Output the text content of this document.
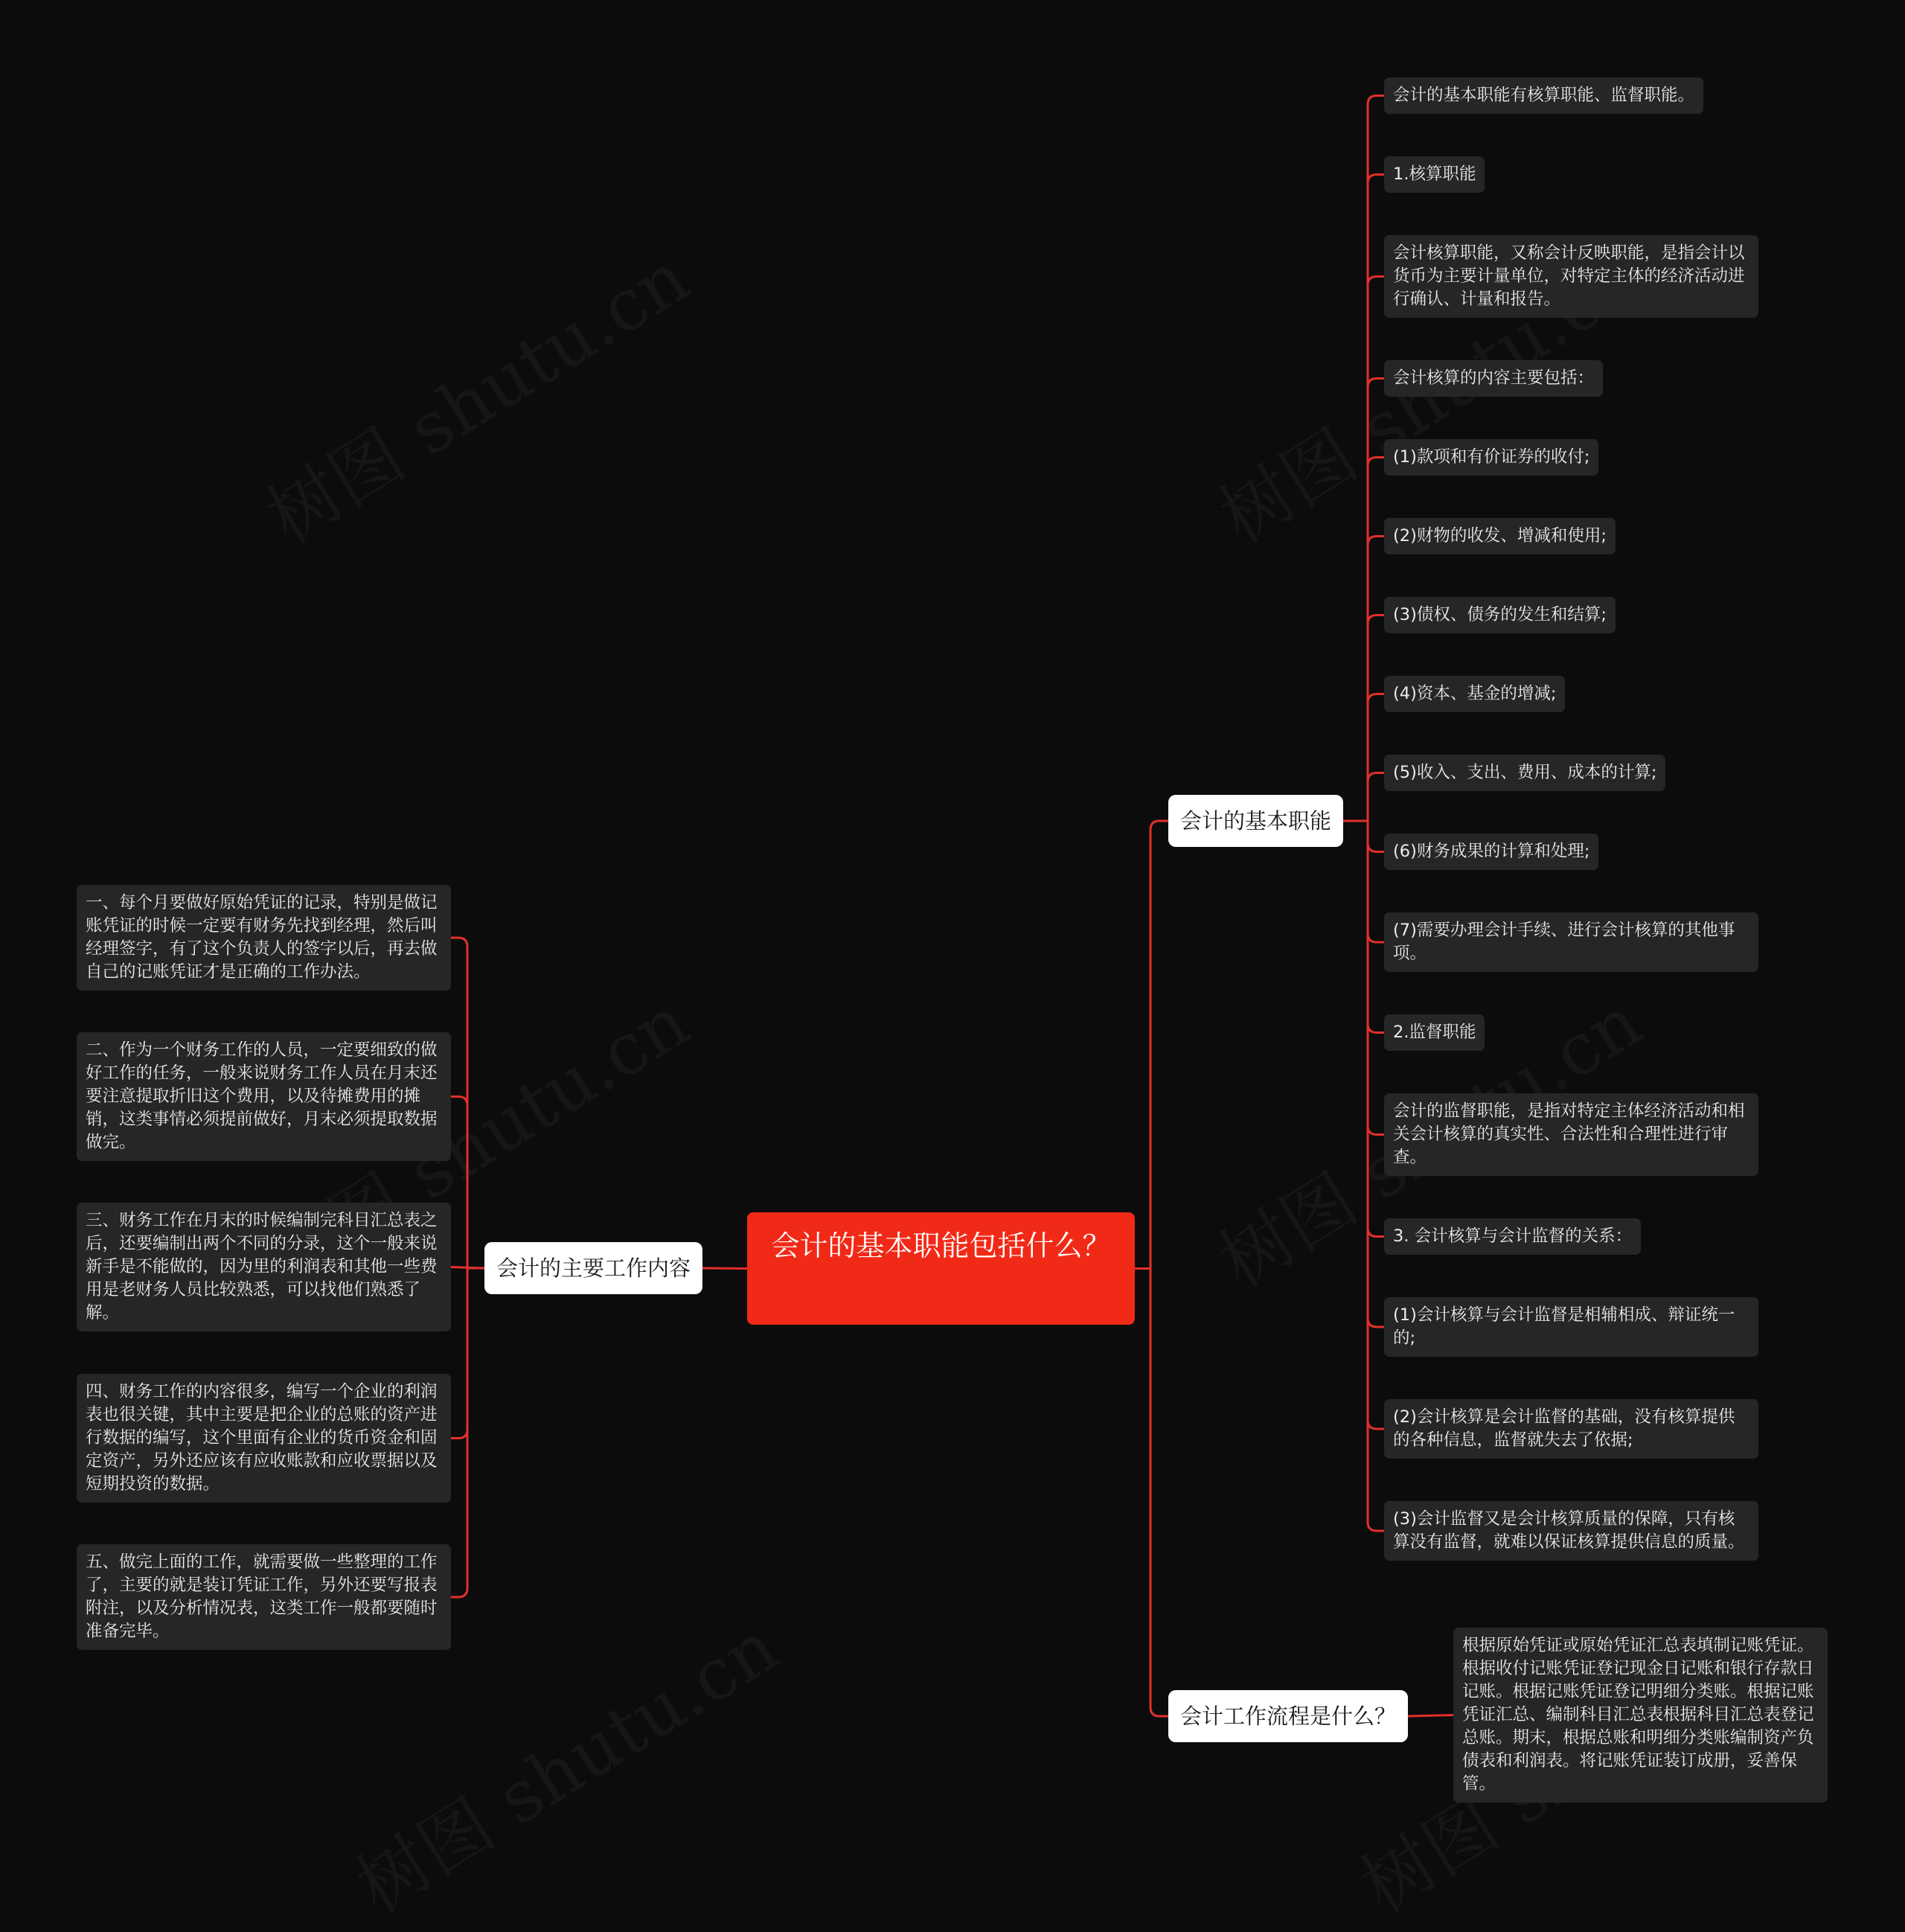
会计的基本职能包括什么？
会计的主要工作内容
一、每个月要做好原始凭证的记录，特别是做记账凭证的时候一定要有财务先找到经理，然后叫经理签字，有了这个负责人的签字以后，再去做自己的记账凭证才是正确的工作办法。
二、作为一个财务工作的人员，一定要细致的做好工作的任务，一般来说财务工作人员在月末还要注意提取折旧这个费用，以及待摊费用的摊销，这类事情必须提前做好，月末必须提取数据做完。
三、财务工作在月末的时候编制完科目汇总表之后，还要编制出两个不同的分录，这个一般来说新手是不能做的，因为里的利润表和其他一些费用是老财务人员比较熟悉，可以找他们熟悉了解。
四、财务工作的内容很多，编写一个企业的利润表也很关键，其中主要是把企业的总账的资产进行数据的编写，这个里面有企业的货币资金和固定资产，另外还应该有应收账款和应收票据以及短期投资的数据。
五、做完上面的工作，就需要做一些整理的工作了，主要的就是装订凭证工作，另外还要写报表附注，以及分析情况表，这类工作一般都要随时准备完毕。
会计的基本职能
会计的基本职能有核算职能、监督职能。
1.核算职能
会计核算职能，又称会计反映职能，是指会计以货币为主要计量单位，对特定主体的经济活动进行确认、计量和报告。
会计核算的内容主要包括：
(1)款项和有价证券的收付;
(2)财物的收发、增减和使用;
(3)债权、债务的发生和结算;
(4)资本、基金的增减;
(5)收入、支出、费用、成本的计算;
(6)财务成果的计算和处理;
(7)需要办理会计手续、进行会计核算的其他事项。
2.监督职能
会计的监督职能，是指对特定主体经济活动和相关会计核算的真实性、合法性和合理性进行审查。
3. 会计核算与会计监督的关系：
(1)会计核算与会计监督是相辅相成、辩证统一的;
(2)会计核算是会计监督的基础，没有核算提供的各种信息，监督就失去了依据;
(3)会计监督又是会计核算质量的保障，只有核算没有监督，就难以保证核算提供信息的质量。
会计工作流程是什么？
根据原始凭证或原始凭证汇总表填制记账凭证。根据收付记账凭证登记现金日记账和银行存款日记账。根据记账凭证登记明细分类账。根据记账凭证汇总、编制科目汇总表根据科目汇总表登记总账。期末，根据总账和明细分类账编制资产负债表和利润表。将记账凭证装订成册，妥善保管。
